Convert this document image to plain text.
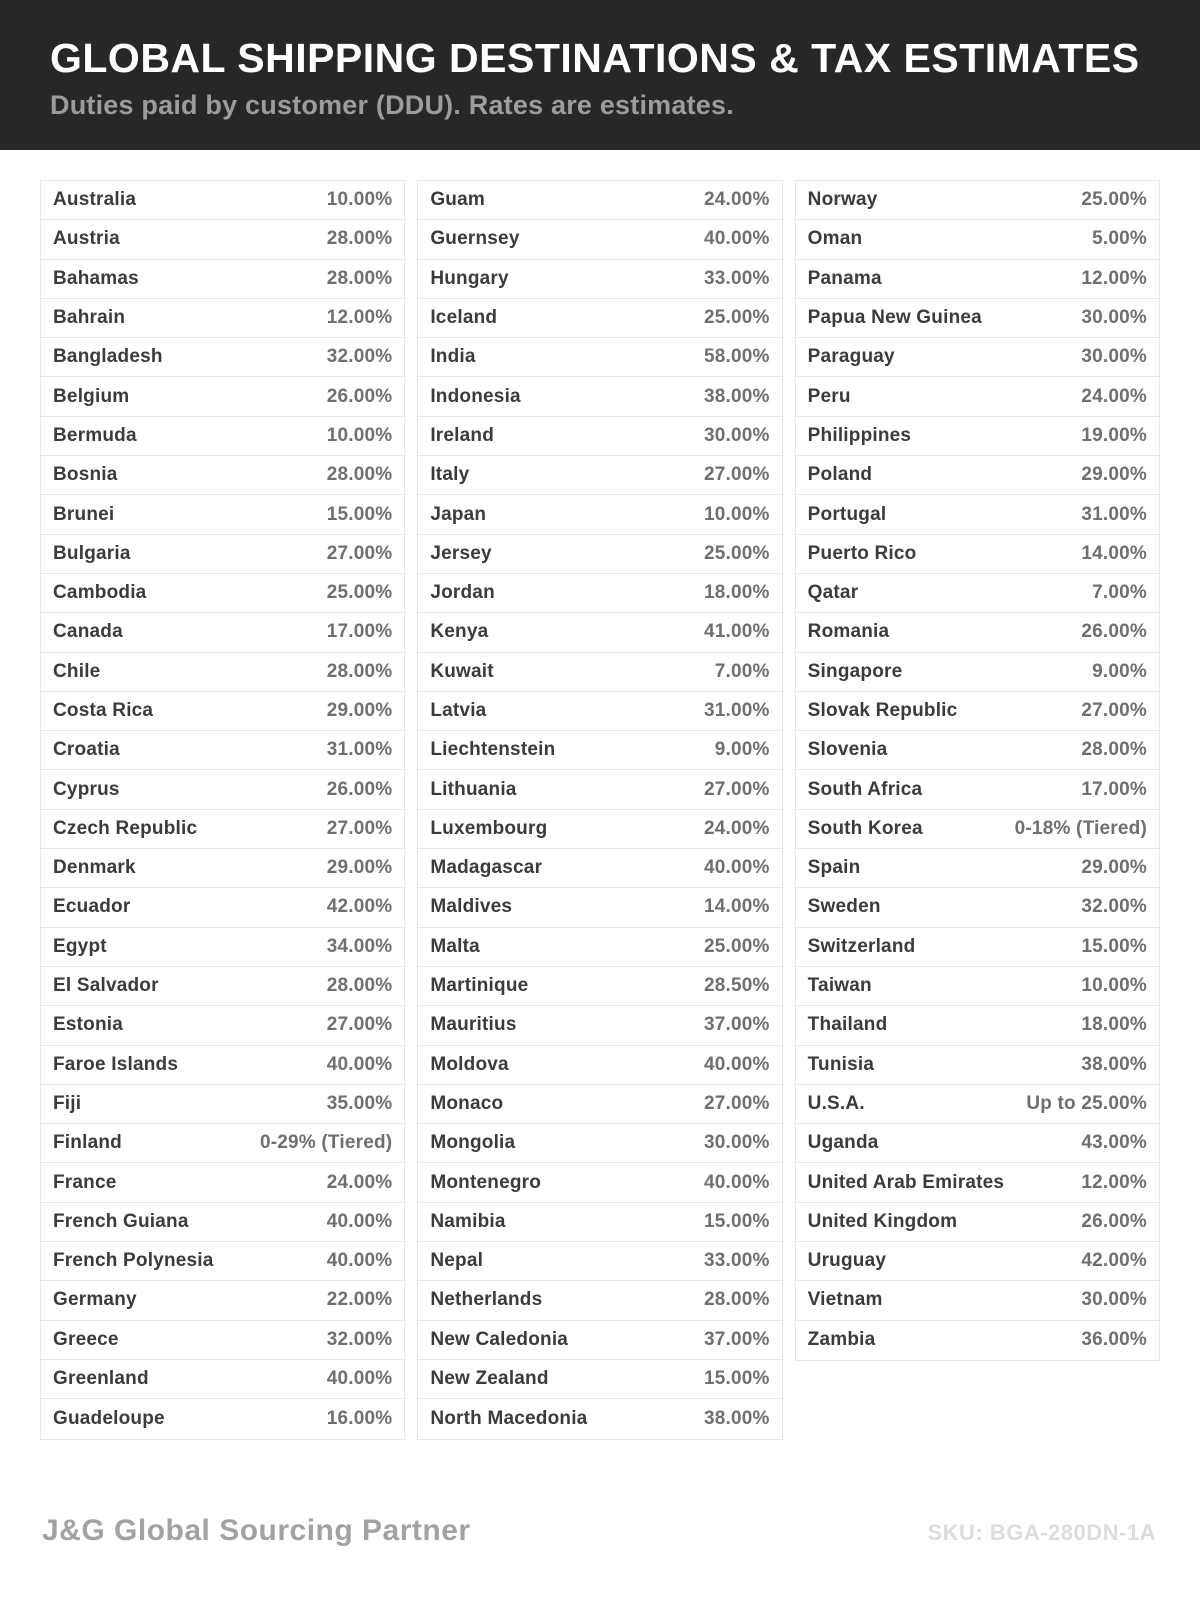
GLOBAL SHIPPING DESTINATIONS & TAX ESTIMATES
Duties paid by customer (DDU). Rates are estimates.
Australia	10.00%
Austria	28.00%
Bahamas	28.00%
Bahrain	12.00%
Bangladesh	32.00%
Belgium	26.00%
Bermuda	10.00%
Bosnia	28.00%
Brunei	15.00%
Bulgaria	27.00%
Cambodia	25.00%
Canada	17.00%
Chile	28.00%
Costa Rica	29.00%
Croatia	31.00%
Cyprus	26.00%
Czech Republic	27.00%
Denmark	29.00%
Ecuador	42.00%
Egypt	34.00%
El Salvador	28.00%
Estonia	27.00%
Faroe Islands	40.00%
Fiji	35.00%
Finland	0-29% (Tiered)
France	24.00%
French Guiana	40.00%
French Polynesia	40.00%
Germany	22.00%
Greece	32.00%
Greenland	40.00%
Guadeloupe	16.00%
Guam	24.00%
Guernsey	40.00%
Hungary	33.00%
Iceland	25.00%
India	58.00%
Indonesia	38.00%
Ireland	30.00%
Italy	27.00%
Japan	10.00%
Jersey	25.00%
Jordan	18.00%
Kenya	41.00%
Kuwait	7.00%
Latvia	31.00%
Liechtenstein	9.00%
Lithuania	27.00%
Luxembourg	24.00%
Madagascar	40.00%
Maldives	14.00%
Malta	25.00%
Martinique	28.50%
Mauritius	37.00%
Moldova	40.00%
Monaco	27.00%
Mongolia	30.00%
Montenegro	40.00%
Namibia	15.00%
Nepal	33.00%
Netherlands	28.00%
New Caledonia	37.00%
New Zealand	15.00%
North Macedonia	38.00%
Norway	25.00%
Oman	5.00%
Panama	12.00%
Papua New Guinea	30.00%
Paraguay	30.00%
Peru	24.00%
Philippines	19.00%
Poland	29.00%
Portugal	31.00%
Puerto Rico	14.00%
Qatar	7.00%
Romania	26.00%
Singapore	9.00%
Slovak Republic	27.00%
Slovenia	28.00%
South Africa	17.00%
South Korea	0-18% (Tiered)
Spain	29.00%
Sweden	32.00%
Switzerland	15.00%
Taiwan	10.00%
Thailand	18.00%
Tunisia	38.00%
U.S.A.	Up to 25.00%
Uganda	43.00%
United Arab Emirates	12.00%
United Kingdom	26.00%
Uruguay	42.00%
Vietnam	30.00%
Zambia	36.00%
J&G Global Sourcing Partner	SKU: BGA-280DN-1A
